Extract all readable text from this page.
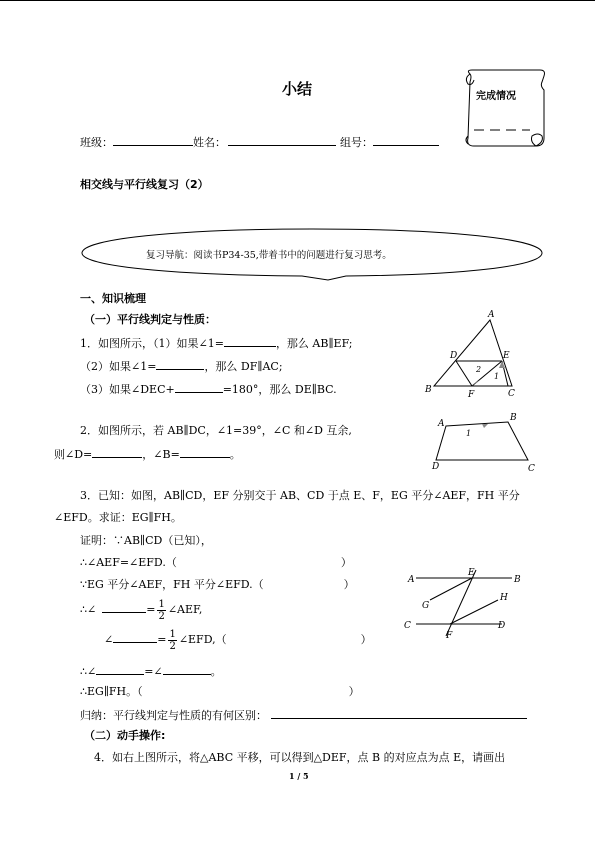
小结	完成情况
班级：	姓名：	组号：
相交线与平行线复习（2）
复习导航：阅读书P34-35,带着书中的问题进行复习思考。
一、知识梳理
（一）平行线判定与性质：
1．如图所示，（1）如果∠1=	，那么 AB∥EF;
（2）如果∠1=	，那么 DF∥AC;
（3）如果∠DEC+	=180°，那么 DE∥BC.
A
B	C
D	E
F
1
2
2．如图所示，若 AB∥DC，∠1=39°，∠C 和∠D 互余,
则∠D=	，∠B=	。
A
B
C
D
1
3．已知：如图，AB∥CD，EF 分别交于 AB、CD 于点 E、F，EG 平分∠AEF，FH 平分
∠EFD。求证：EG∥FH。
证明：∵AB∥CD（已知），
∴∠AEF=∠EFD.（	）
∵EG 平分∠AEF，FH 平分∠EFD.（	）
∴∠	= $\frac{1}{2}$ ∠AEF,
∠	= $\frac{1}{2}$ ∠EFD,（	）
∴∠	=∠	。
∴EG∥FH。（	）
归纳：平行线判定与性质的有何区别：
A	B
C	D
E
F
G
H
（二）动手操作:
4．如右上图所示，将△ABC 平移，可以得到△DEF，点 B 的对应点为点 E，请画出
1 / 5
